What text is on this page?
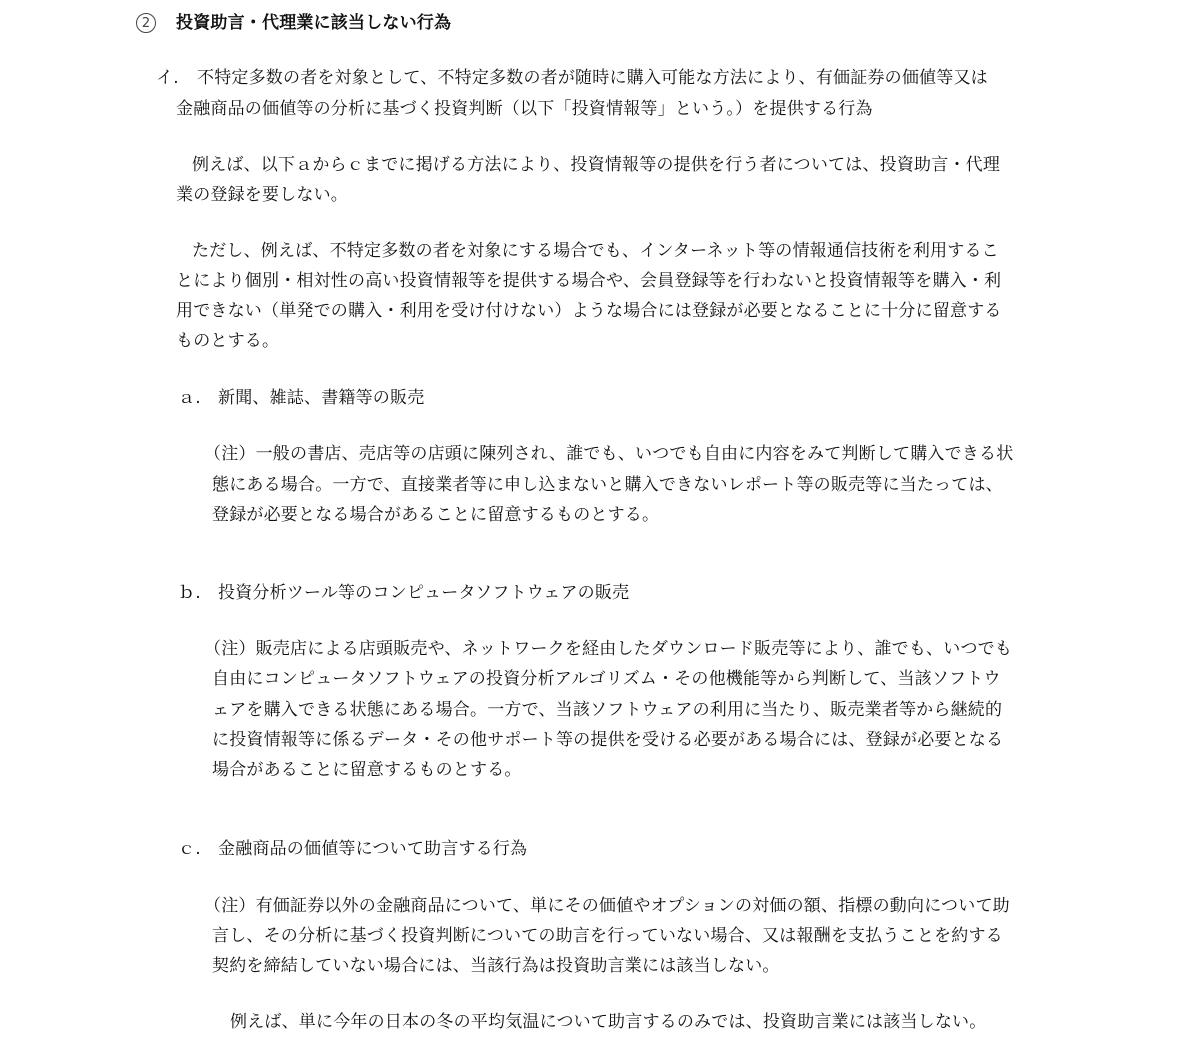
2	投資助言・代理業に該当しない行為
イ. 不特定多数の者を対象として、不特定多数の者が随時に購入可能な方法により、有価証券の価値等又は
金融商品の価値等の分析に基づく投資判断（以下「投資情報等」という。）を提供する行為
例えば、以下ａからｃまでに掲げる方法により、投資情報等の提供を行う者については、投資助言・代理
業の登録を要しない。
ただし、例えば、不特定多数の者を対象にする場合でも、インターネット等の情報通信技術を利用するこ
とにより個別・相対性の高い投資情報等を提供する場合や、会員登録等を行わないと投資情報等を購入・利
用できない（単発での購入・利用を受け付けない）ような場合には登録が必要となることに十分に留意する
ものとする。
ａ. 新聞、雑誌、書籍等の販売
（注）一般の書店、売店等の店頭に陳列され、誰でも、いつでも自由に内容をみて判断して購入できる状
態にある場合。一方で、直接業者等に申し込まないと購入できないレポート等の販売等に当たっては、
登録が必要となる場合があることに留意するものとする。
ｂ. 投資分析ツール等のコンピュータソフトウェアの販売
（注）販売店による店頭販売や、ネットワークを経由したダウンロード販売等により、誰でも、いつでも
自由にコンピュータソフトウェアの投資分析アルゴリズム・その他機能等から判断して、当該ソフトウ
ェアを購入できる状態にある場合。一方で、当該ソフトウェアの利用に当たり、販売業者等から継続的
に投資情報等に係るデータ・その他サポート等の提供を受ける必要がある場合には、登録が必要となる
場合があることに留意するものとする。
ｃ. 金融商品の価値等について助言する行為
（注）有価証券以外の金融商品について、単にその価値やオプションの対価の額、指標の動向について助
言し、その分析に基づく投資判断についての助言を行っていない場合、又は報酬を支払うことを約する
契約を締結していない場合には、当該行為は投資助言業には該当しない。
例えば、単に今年の日本の冬の平均気温について助言するのみでは、投資助言業には該当しない。
